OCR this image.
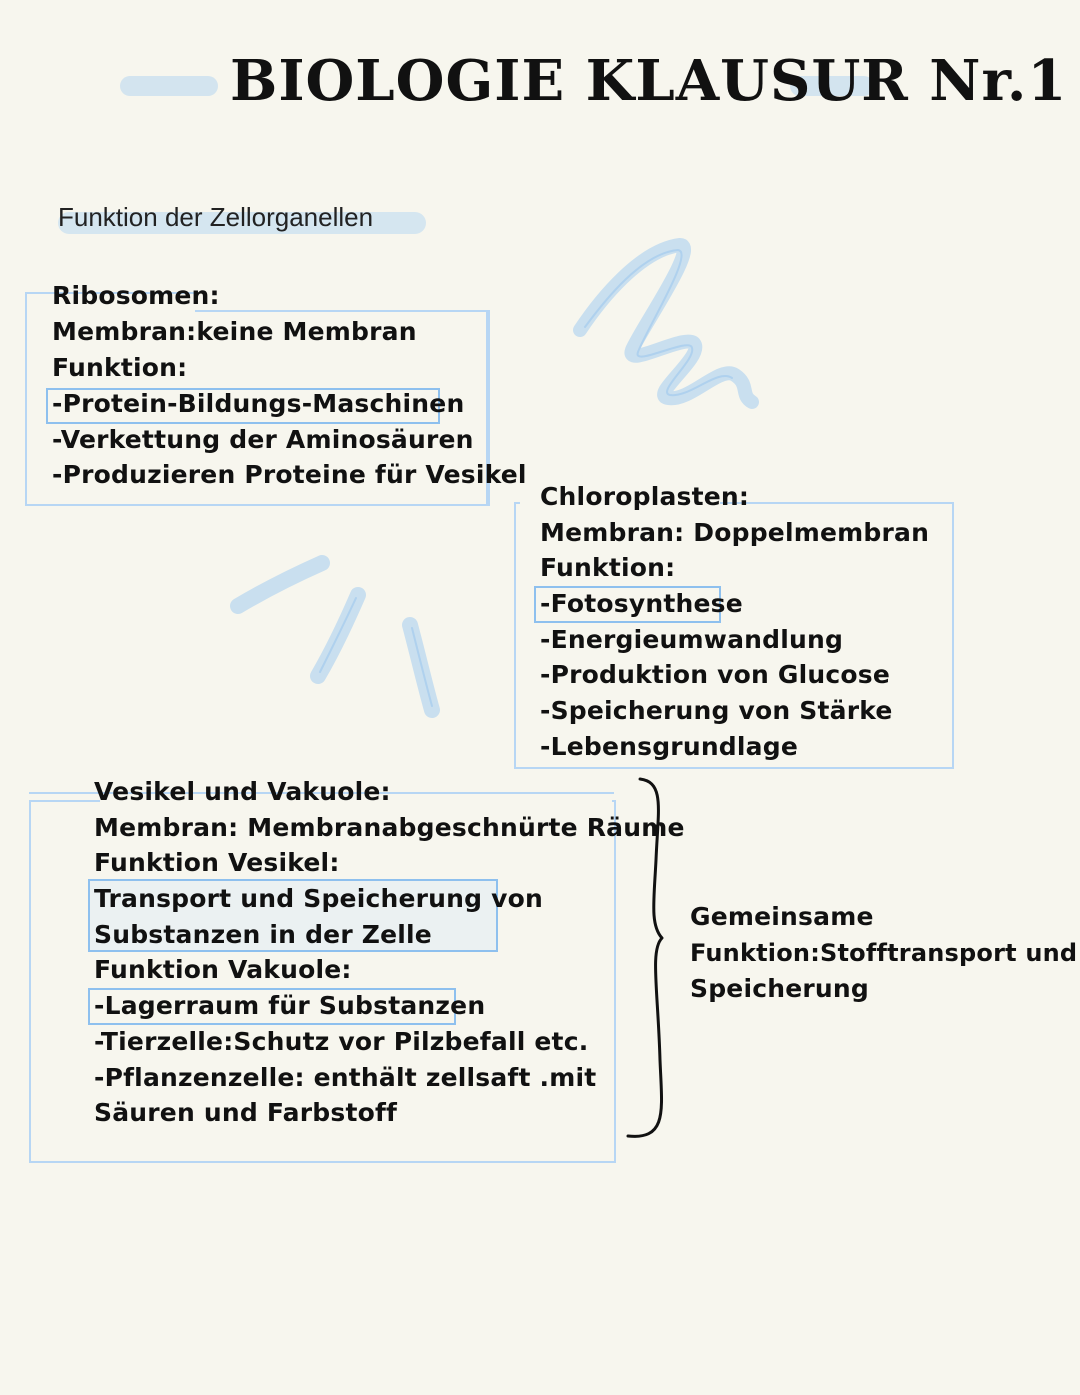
BIOLOGIE KLAUSUR Nr.1
Funktion der Zellorganellen
Ribosomen:
Membran:keine Membran
Funktion:
-Protein-Bildungs-Maschinen
-Verkettung der Aminosäuren
-Produzieren Proteine für Vesikel
Chloroplasten:
Membran: Doppelmembran
Funktion:
-Fotosynthese
-Energieumwandlung
-Produktion von Glucose
-Speicherung von Stärke
-Lebensgrundlage
Vesikel und Vakuole:
Membran: Membranabgeschnürte Räume
Funktion Vesikel:
Transport und Speicherung von
Substanzen in der Zelle
Funktion Vakuole:
-Lagerraum für Substanzen
-Tierzelle:Schutz vor Pilzbefall etc.
-Pflanzenzelle: enthält zellsaft .mit
Säuren und Farbstoff
Gemeinsame
Funktion:Stofftransport und
Speicherung
